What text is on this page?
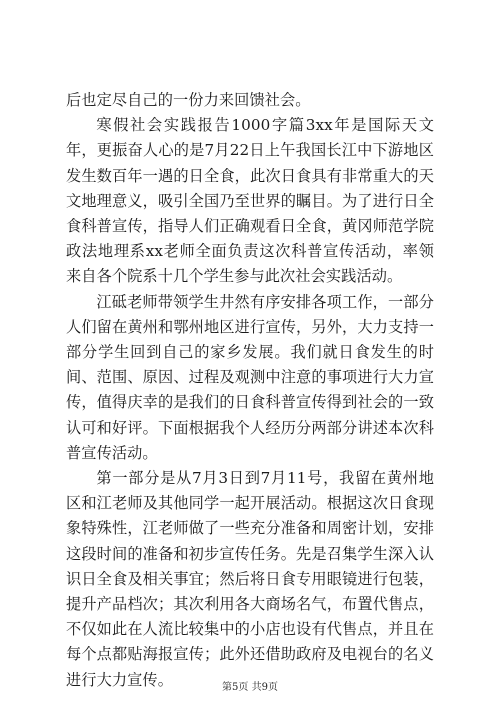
后也定尽自己的一份力来回馈社会。

寒假社会实践报告1000字篇3xx年是国际天文年，更振奋人心的是7月22日上午我国长江中下游地区发生数百年一遇的日全食，此次日食具有非常重大的天文地理意义，吸引全国乃至世界的瞩目。为了进行日全食科普宣传，指导人们正确观看日全食，黄冈师范学院政法地理系xx老师全面负责这次科普宣传活动，率领来自各个院系十几个学生参与此次社会实践活动。

江砥老师带领学生井然有序安排各项工作，一部分人们留在黄州和鄂州地区进行宣传，另外，大力支持一部分学生回到自己的家乡发展。我们就日食发生的时间、范围、原因、过程及观测中注意的事项进行大力宣传，值得庆幸的是我们的日食科普宣传得到社会的一致认可和好评。下面根据我个人经历分两部分讲述本次科普宣传活动。

第一部分是从7月3日到7月11号，我留在黄州地区和江老师及其他同学一起开展活动。根据这次日食现象特殊性，江老师做了一些充分准备和周密计划，安排这段时间的准备和初步宣传任务。先是召集学生深入认识日全食及相关事宜；然后将日食专用眼镜进行包装，提升产品档次；其次利用各大商场名气，布置代售点，不仅如此在人流比较集中的小店也设有代售点，并且在每个点都贴海报宣传；此外还借助政府及电视台的名义进行大力宣传。	第5页 共9页
